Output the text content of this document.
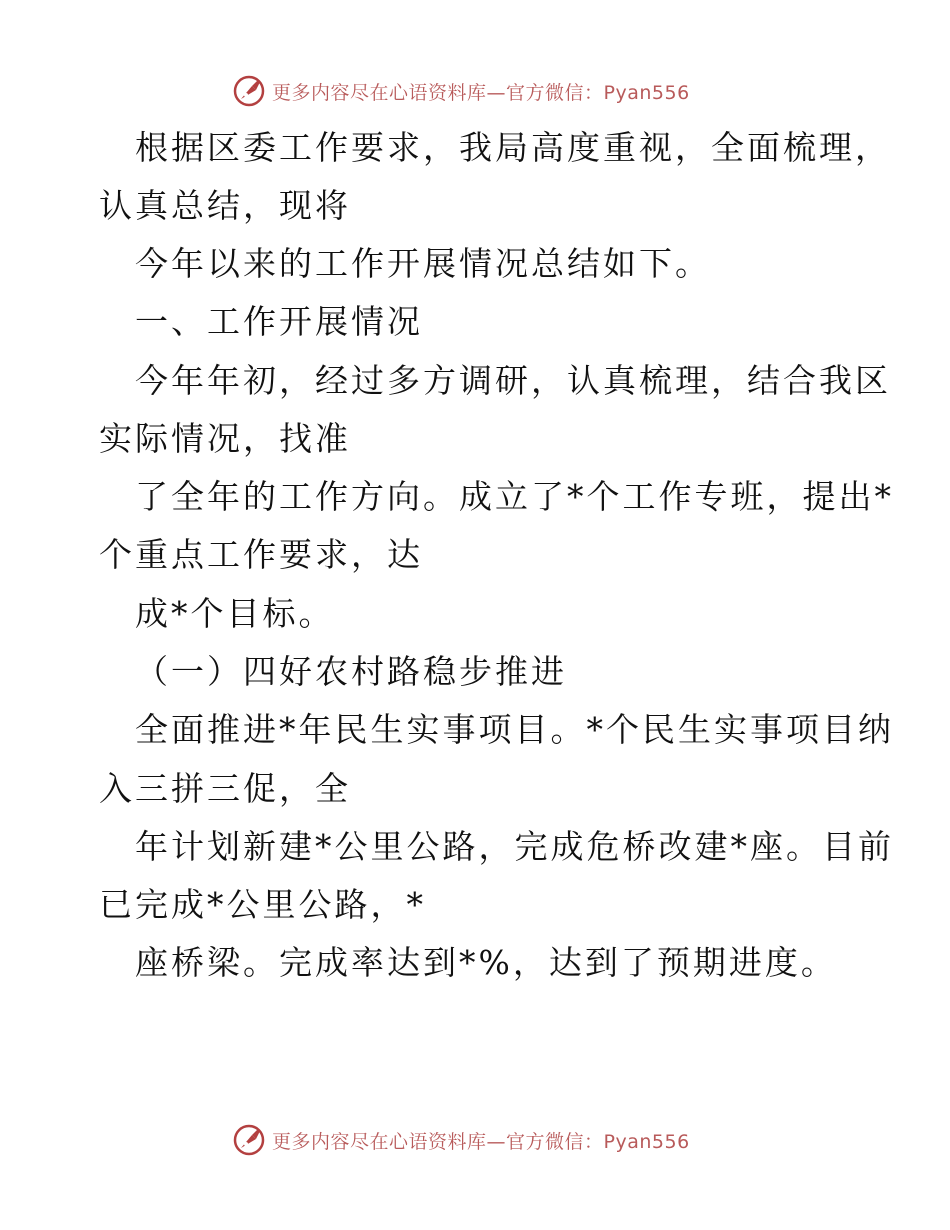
更多内容尽在心语资料库—官方微信：Pyan556
根据区委工作要求，我局高度重视，全面梳理，
认真总结，现将
今年以来的工作开展情况总结如下。
一、工作开展情况
今年年初，经过多方调研，认真梳理，结合我区
实际情况，找准
了全年的工作方向。成立了*个工作专班，提出*
个重点工作要求，达
成*个目标。
（一）四好农村路稳步推进
全面推进*年民生实事项目。*个民生实事项目纳
入三拼三促，全
年计划新建*公里公路，完成危桥改建*座。目前
已完成*公里公路，*
座桥梁。完成率达到*%，达到了预期进度。
更多内容尽在心语资料库—官方微信：Pyan556
